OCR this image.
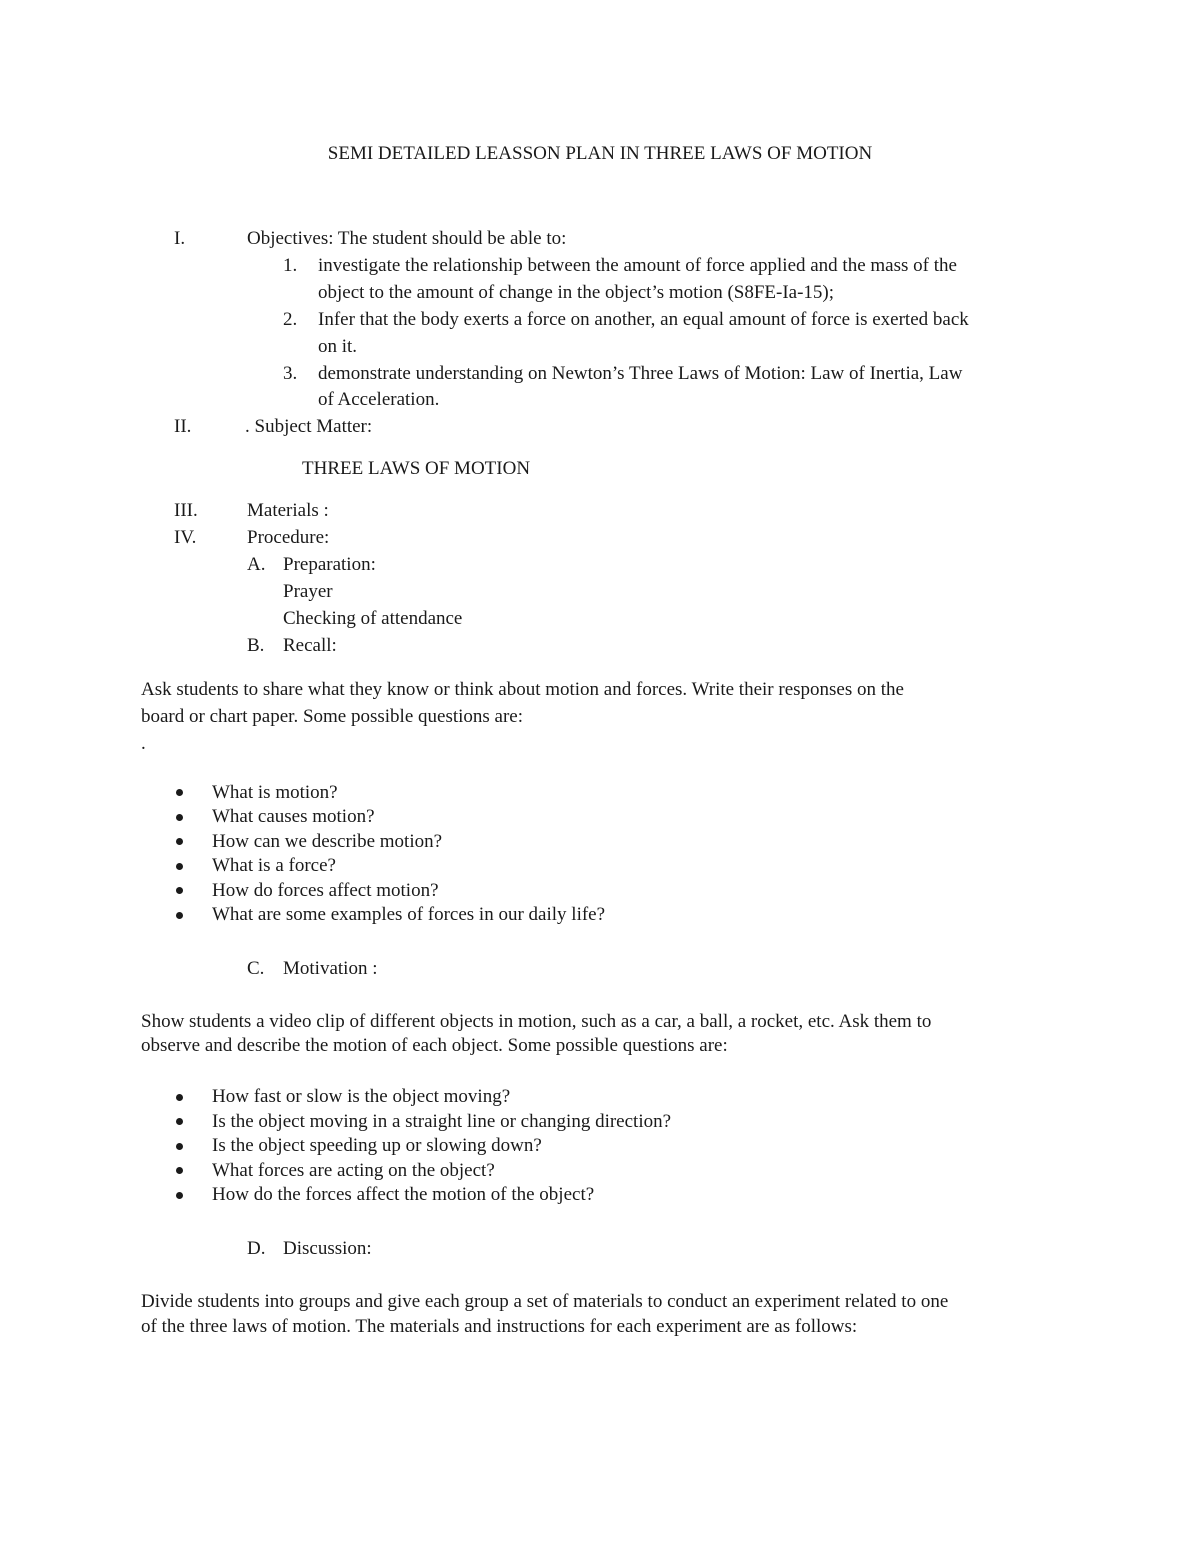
SEMI DETAILED LEASSON PLAN IN THREE LAWS OF MOTION
I.	Objectives: The student should be able to:
1. investigate the relationship between the amount of force applied and the mass of the
object to the amount of change in the object’s motion (S8FE-Ia-15);
2. Infer that the body exerts a force on another, an equal amount of force is exerted back
on it.
3. demonstrate understanding on Newton’s Three Laws of Motion: Law of Inertia, Law
of Acceleration.
II.	. Subject Matter:
THREE LAWS OF MOTION
III.	Materials :
IV.	Procedure:
A. Preparation:
Prayer
Checking of attendance
B. Recall:
Ask students to share what they know or think about motion and forces. Write their responses on the
board or chart paper. Some possible questions are:
.
What is motion?
What causes motion?
How can we describe motion?
What is a force?
How do forces affect motion?
What are some examples of forces in our daily life?
C. Motivation :
Show students a video clip of different objects in motion, such as a car, a ball, a rocket, etc. Ask them to
observe and describe the motion of each object. Some possible questions are:
How fast or slow is the object moving?
Is the object moving in a straight line or changing direction?
Is the object speeding up or slowing down?
What forces are acting on the object?
How do the forces affect the motion of the object?
D. Discussion:
Divide students into groups and give each group a set of materials to conduct an experiment related to one
of the three laws of motion. The materials and instructions for each experiment are as follows:
